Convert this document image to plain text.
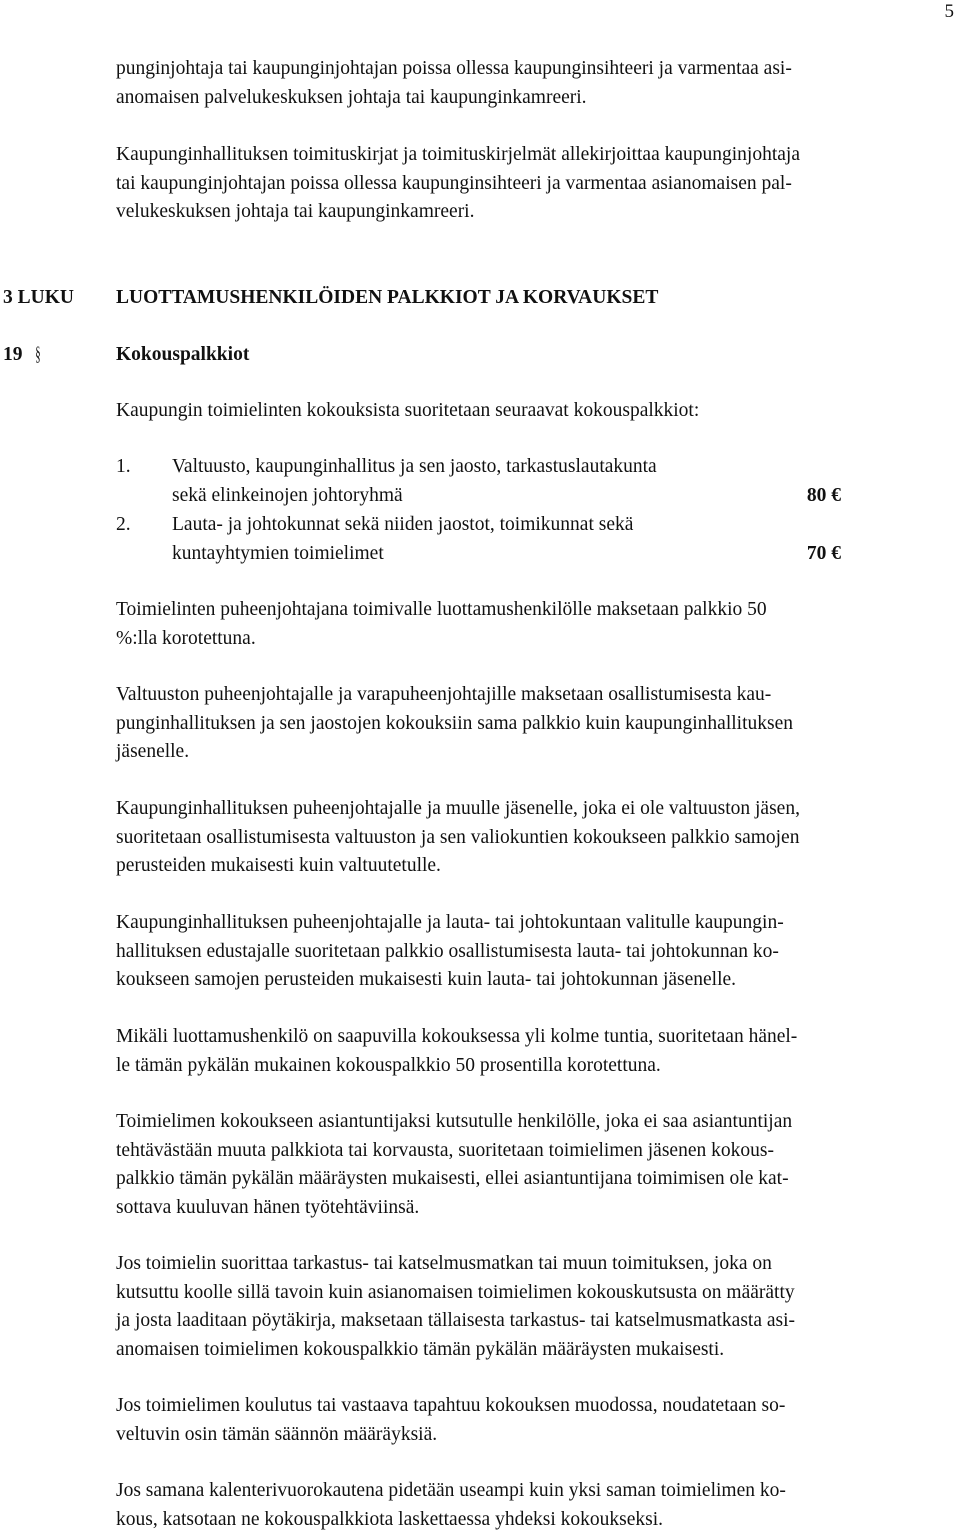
5
punginjohtaja tai kaupunginjohtajan poissa ollessa kaupunginsihteeri ja varmentaa asi-
anomaisen palvelukeskuksen johtaja tai kaupunginkamreeri.
Kaupunginhallituksen toimituskirjat ja toimituskirjelmät allekirjoittaa kaupunginjohtaja
tai kaupunginjohtajan poissa ollessa kaupunginsihteeri ja varmentaa asianomaisen pal-
velukeskuksen johtaja tai kaupunginkamreeri.
3 LUKU LUOTTAMUSHENKILÖIDEN PALKKIOT JA KORVAUKSET
19 §	Kokouspalkkiot
Kaupungin toimielinten kokouksista suoritetaan seuraavat kokouspalkkiot:
1. Valtuusto, kaupunginhallitus ja sen jaosto, tarkastuslautakunta
sekä elinkeinojen johtoryhmä	80 €
2. Lauta- ja johtokunnat sekä niiden jaostot, toimikunnat sekä
kuntayhtymien toimielimet	70 €
Toimielinten puheenjohtajana toimivalle luottamushenkilölle maksetaan palkkio 50
%:lla korotettuna.
Valtuuston puheenjohtajalle ja varapuheenjohtajille maksetaan osallistumisesta kau-
punginhallituksen ja sen jaostojen kokouksiin sama palkkio kuin kaupunginhallituksen
jäsenelle.
Kaupunginhallituksen puheenjohtajalle ja muulle jäsenelle, joka ei ole valtuuston jäsen,
suoritetaan osallistumisesta valtuuston ja sen valiokuntien kokoukseen palkkio samojen
perusteiden mukaisesti kuin valtuutetulle.
Kaupunginhallituksen puheenjohtajalle ja lauta- tai johtokuntaan valitulle kaupungin-
hallituksen edustajalle suoritetaan palkkio osallistumisesta lauta- tai johtokunnan ko-
koukseen samojen perusteiden mukaisesti kuin lauta- tai johtokunnan jäsenelle.
Mikäli luottamushenkilö on saapuvilla kokouksessa yli kolme tuntia, suoritetaan hänel-
le tämän pykälän mukainen kokouspalkkio 50 prosentilla korotettuna.
Toimielimen kokoukseen asiantuntijaksi kutsutulle henkilölle, joka ei saa asiantuntijan
tehtävästään muuta palkkiota tai korvausta, suoritetaan toimielimen jäsenen kokous-
palkkio tämän pykälän määräysten mukaisesti, ellei asiantuntijana toimimisen ole kat-
sottava kuuluvan hänen työtehtäviinsä.
Jos toimielin suorittaa tarkastus- tai katselmusmatkan tai muun toimituksen, joka on
kutsuttu koolle sillä tavoin kuin asianomaisen toimielimen kokouskutsusta on määrätty
ja josta laaditaan pöytäkirja, maksetaan tällaisesta tarkastus- tai katselmusmatkasta asi-
anomaisen toimielimen kokouspalkkio tämän pykälän määräysten mukaisesti.
Jos toimielimen koulutus tai vastaava tapahtuu kokouksen muodossa, noudatetaan so-
veltuvin osin tämän säännön määräyksiä.
Jos samana kalenterivuorokautena pidetään useampi kuin yksi saman toimielimen ko-
kous, katsotaan ne kokouspalkkiota laskettaessa yhdeksi kokoukseksi.
